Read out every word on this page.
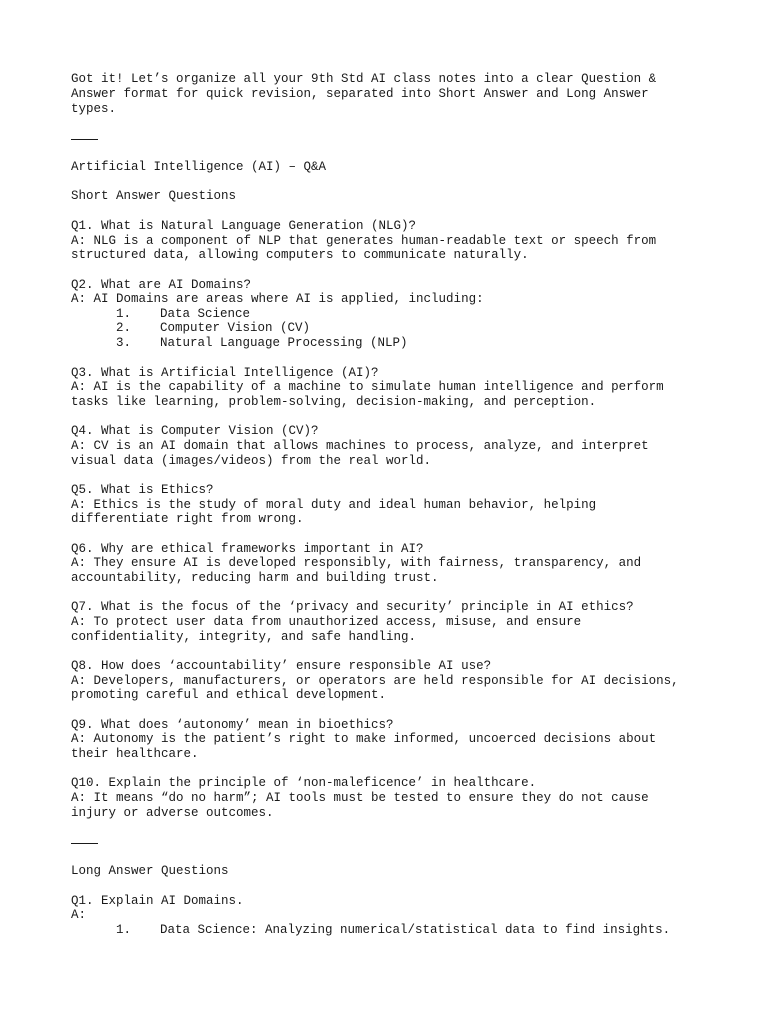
Got it! Let’s organize all your 9th Std AI class notes into a clear Question &
Answer format for quick revision, separated into Short Answer and Long Answer
types.
Artificial Intelligence (AI) – Q&A
Short Answer Questions
Q1. What is Natural Language Generation (NLG)?
A: NLG is a component of NLP that generates human-readable text or speech from
structured data, allowing computers to communicate naturally.
Q2. What are AI Domains?
A: AI Domains are areas where AI is applied, including:
1. Data Science
2. Computer Vision (CV)
3. Natural Language Processing (NLP)
Q3. What is Artificial Intelligence (AI)?
A: AI is the capability of a machine to simulate human intelligence and perform
tasks like learning, problem-solving, decision-making, and perception.
Q4. What is Computer Vision (CV)?
A: CV is an AI domain that allows machines to process, analyze, and interpret
visual data (images/videos) from the real world.
Q5. What is Ethics?
A: Ethics is the study of moral duty and ideal human behavior, helping
differentiate right from wrong.
Q6. Why are ethical frameworks important in AI?
A: They ensure AI is developed responsibly, with fairness, transparency, and
accountability, reducing harm and building trust.
Q7. What is the focus of the ‘privacy and security’ principle in AI ethics?
A: To protect user data from unauthorized access, misuse, and ensure
confidentiality, integrity, and safe handling.
Q8. How does ‘accountability’ ensure responsible AI use?
A: Developers, manufacturers, or operators are held responsible for AI decisions,
promoting careful and ethical development.
Q9. What does ‘autonomy’ mean in bioethics?
A: Autonomy is the patient’s right to make informed, uncoerced decisions about
their healthcare.
Q10. Explain the principle of ‘non-maleficence’ in healthcare.
A: It means “do no harm”; AI tools must be tested to ensure they do not cause
injury or adverse outcomes.
Long Answer Questions
Q1. Explain AI Domains.
A:
1. Data Science: Analyzing numerical/statistical data to find insights.
